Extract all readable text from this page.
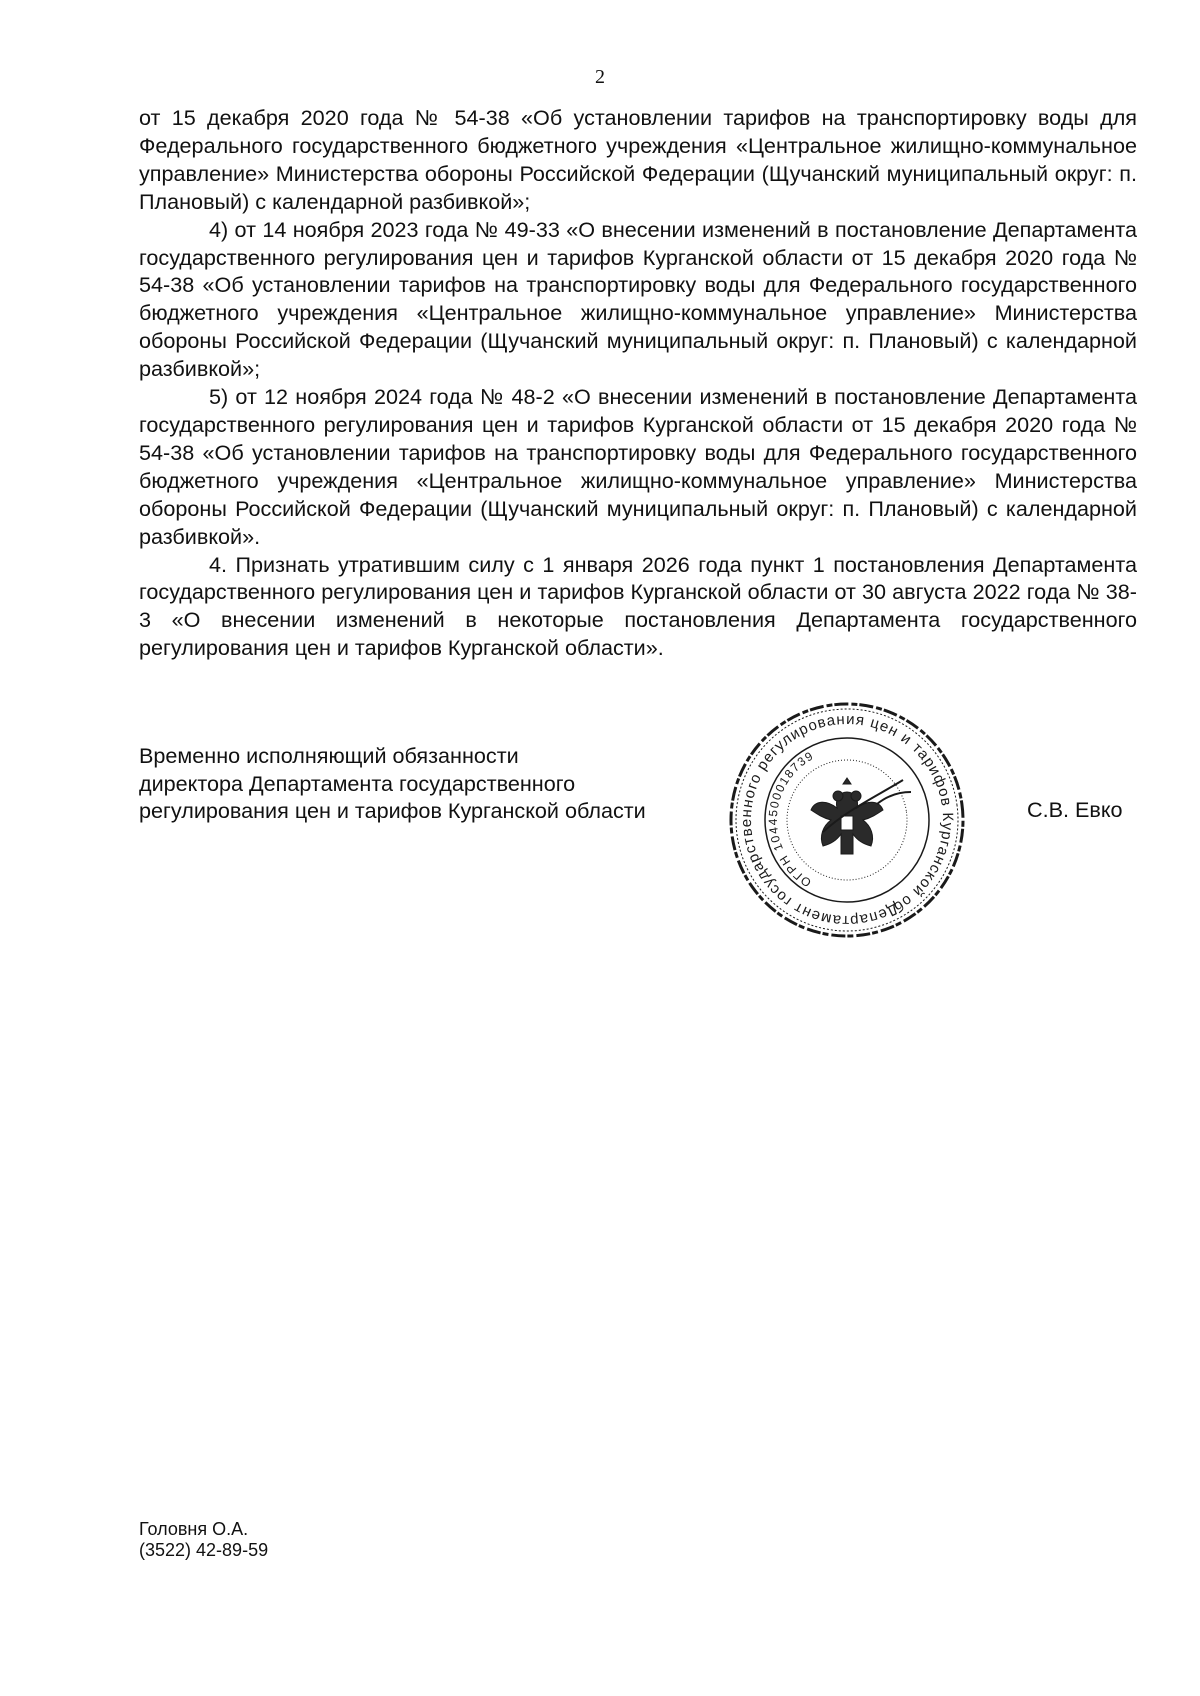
2

от 15 декабря 2020 года № 54-38 «Об установлении тарифов на транспортировку воды для Федерального государственного бюджетного учреждения «Центральное жилищно-коммунальное управление» Министерства обороны Российской Федерации (Щучанский муниципальный округ: п. Плановый) с календарной разбивкой»;

4) от 14 ноября 2023 года № 49-33 «О внесении изменений в постановление Департамента государственного регулирования цен и тарифов Курганской области от 15 декабря 2020 года № 54-38 «Об установлении тарифов на транспортировку воды для Федерального государственного бюджетного учреждения «Центральное жилищно-коммунальное управление» Министерства обороны Российской Федерации (Щучанский муниципальный округ: п. Плановый) с календарной разбивкой»;

5) от 12 ноября 2024 года № 48-2 «О внесении изменений в постановление Департамента государственного регулирования цен и тарифов Курганской области от 15 декабря 2020 года № 54-38 «Об установлении тарифов на транспортировку воды для Федерального государственного бюджетного учреждения «Центральное жилищно-коммунальное управление» Министерства обороны Российской Федерации (Щучанский муниципальный округ: п. Плановый) с календарной разбивкой».

4. Признать утратившим силу с 1 января 2026 года пункт 1 постановления Департамента государственного регулирования цен и тарифов Курганской области от 30 августа 2022 года № 38-3 «О внесении изменений в некоторые постановления Департамента государственного регулирования цен и тарифов Курганской области».

Временно исполняющий обязанности
директора Департамента государственного
регулирования цен и тарифов Курганской области
Департамент государственного регулирования цен и тарифов Курганской области
ОГРН 1044500018739
С.В. Евко
Головня О.А.
(3522) 42-89-59
